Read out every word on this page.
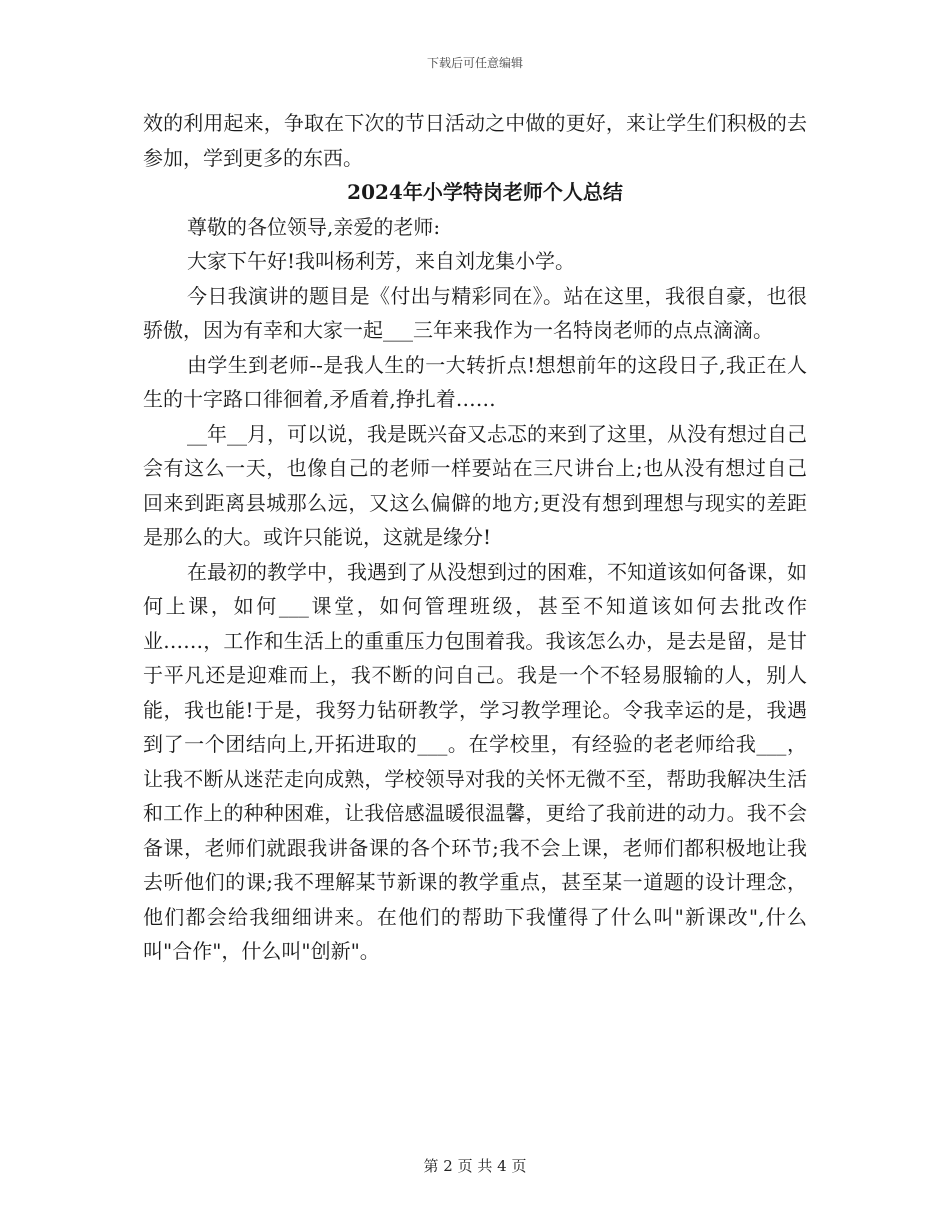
下载后可任意编辑

效的利用起来，争取在下次的节日活动之中做的更好，来让学生们积极的去参加，学到更多的东西。

2024年小学特岗老师个人总结

尊敬的各位领导,亲爱的老师:

大家下午好!我叫杨利芳，来自刘龙集小学。

今日我演讲的题目是《付出与精彩同在》。站在这里，我很自豪，也很骄傲，因为有幸和大家一起___三年来我作为一名特岗老师的点点滴滴。

由学生到老师--是我人生的一大转折点!想想前年的这段日子,我正在人生的十字路口徘徊着,矛盾着,挣扎着……

__年__月，可以说，我是既兴奋又忐忑的来到了这里，从没有想过自己会有这么一天，也像自己的老师一样要站在三尺讲台上;也从没有想过自己回来到距离县城那么远，又这么偏僻的地方;更没有想到理想与现实的差距是那么的大。或许只能说，这就是缘分!

在最初的教学中，我遇到了从没想到过的困难，不知道该如何备课，如何上课，如何___课堂，如何管理班级，甚至不知道该如何去批改作业……，工作和生活上的重重压力包围着我。我该怎么办，是去是留，是甘于平凡还是迎难而上，我不断的问自己。我是一个不轻易服输的人，别人能，我也能!于是，我努力钻研教学，学习教学理论。令我幸运的是，我遇到了一个团结向上,开拓进取的___。在学校里，有经验的老老师给我___，让我不断从迷茫走向成熟，学校领导对我的关怀无微不至，帮助我解决生活和工作上的种种困难，让我倍感温暖很温馨，更给了我前进的动力。我不会备课，老师们就跟我讲备课的各个环节;我不会上课，老师们都积极地让我去听他们的课;我不理解某节新课的教学重点，甚至某一道题的设计理念，他们都会给我细细讲来。在他们的帮助下我懂得了什么叫"新课改",什么叫"合作"，什么叫"创新"。

第 2 页 共 4 页
